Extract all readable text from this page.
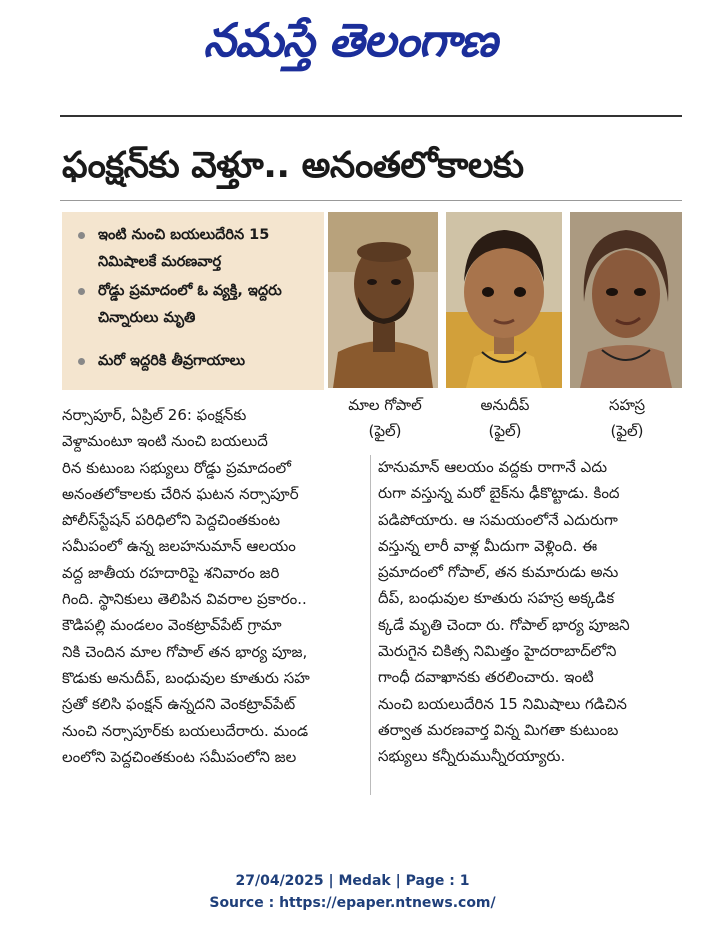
నమస్తే తెలంగాణ
ఫంక్షన్‌కు వెళ్తూ.. అనంతలోకాలకు
ఇంటి నుంచి బయలుదేరిన 15 నిమిషాలకే మరణవార్త
రోడ్డు ప్రమాదంలో ఓ వ్యక్తి, ఇద్దరు చిన్నారులు మృతి
మరో ఇద్దరికి తీవ్రగాయాలు
మాల గోపాల్
(ఫైల్)
అనుదీప్
(ఫైల్)
సహస్ర
(ఫైల్)
నర్సాపూర్, ఏప్రిల్ 26: ఫంక్షన్‌కు
వెళ్దామంటూ ఇంటి నుంచి బయలుదే
రిన కుటుంబ సభ్యులు రోడ్డు ప్రమాదంలో
అనంతలోకాలకు చేరిన ఘటన నర్సాపూర్
పోలీస్‌స్టేషన్ పరిధిలోని పెద్దచింతకుంట
సమీపంలో ఉన్న జలహనుమాన్ ఆలయం
వద్ద జాతీయ రహదారిపై శనివారం జరి
గింది. స్థానికులు తెలిపిన వివరాల ప్రకారం..
కౌడిపల్లి మండలం వెంకట్రావ్‌పేట్ గ్రామా
నికి చెందిన మాల గోపాల్ తన భార్య పూజ,
కొడుకు అనుదీప్, బంధువుల కూతురు సహ
స్రతో కలిసి ఫంక్షన్ ఉన్నదని వెంకట్రావ్‌పేట్
నుంచి నర్సాపూర్‌కు బయలుదేరారు. మండ
లంలోని పెద్దచింతకుంట సమీపంలోని జల
హనుమాన్ ఆలయం వద్దకు రాగానే ఎదు
రుగా వస్తున్న మరో బైక్‌ను ఢీకొట్టాడు. కింద
పడిపోయారు. ఆ సమయంలోనే ఎదురుగా
వస్తున్న లారీ వాళ్ల మీదుగా వెళ్లింది. ఈ
ప్రమాదంలో గోపాల్, తన కుమారుడు అను
దీప్, బంధువుల కూతురు సహస్ర అక్కడిక
క్కడే మృతి చెందా రు. గోపాల్ భార్య పూజని
మెరుగైన చికిత్స నిమిత్తం హైదరాబాద్‌లోని
గాంధీ దవాఖానకు తరలించారు. ఇంటి
నుంచి బయలుదేరిన 15 నిమిషాలు గడిచిన
తర్వాత మరణవార్త విన్న మిగతా కుటుంబ
సభ్యులు కన్నీరుమున్నీరయ్యారు.
27/04/2025 | Medak | Page : 1
Source : https://epaper.ntnews.com/
